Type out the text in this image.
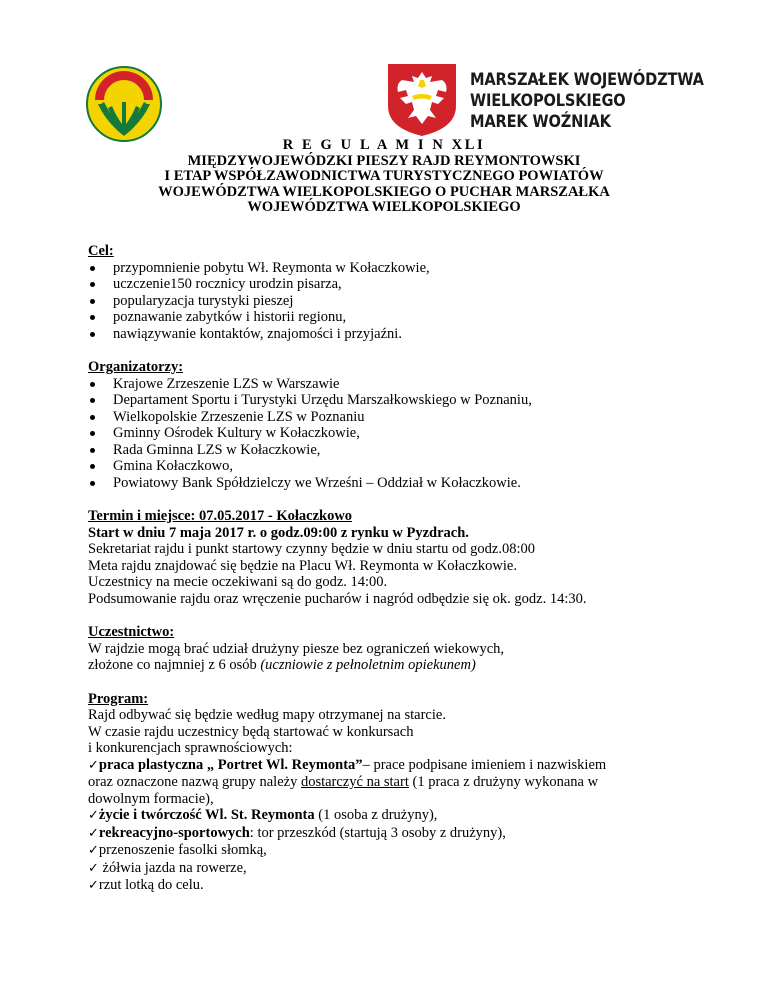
LZS
MARSZAŁEK WOJEWÓDZTWA
WIELKOPOLSKIEGO
MAREK WOŹNIAK
R E G U L A M I N XLI
MIĘDZYWOJEWÓDZKI PIESZY RAJD REYMONTOWSKI
I ETAP WSPÓŁZAWODNICTWA TURYSTYCZNEGO POWIATÓW
WOJEWÓDZTWA WIELKOPOLSKIEGO O PUCHAR MARSZAŁKA
WOJEWÓDZTWA WIELKOPOLSKIEGO
Cel:
przypomnienie pobytu Wł. Reymonta w Kołaczkowie,
uczczenie150 rocznicy urodzin pisarza,
popularyzacja turystyki pieszej
poznawanie zabytków i historii regionu,
nawiązywanie kontaktów, znajomości i przyjaźni.
Organizatorzy:
Krajowe Zrzeszenie LZS w Warszawie
Departament Sportu i Turystyki Urzędu Marszałkowskiego w Poznaniu,
Wielkopolskie Zrzeszenie LZS w Poznaniu
Gminny Ośrodek Kultury w Kołaczkowie,
Rada Gminna LZS w Kołaczkowie,
Gmina Kołaczkowo,
Powiatowy Bank Spółdzielczy we Wrześni – Oddział w Kołaczkowie.
Termin i miejsce: 07.05.2017 - Kołaczkowo
Start w dniu 7 maja 2017 r. o godz.09:00 z rynku w Pyzdrach.
Sekretariat rajdu i punkt startowy czynny będzie w dniu startu od godz.08:00
Meta rajdu znajdować się będzie na Placu Wł. Reymonta w Kołaczkowie.
Uczestnicy na mecie oczekiwani są do godz. 14:00.
Podsumowanie rajdu oraz wręczenie pucharów i nagród odbędzie się ok. godz. 14:30.
Uczestnictwo:
W rajdzie mogą brać udział drużyny piesze bez ograniczeń wiekowych,
złożone co najmniej z 6 osób (uczniowie z pełnoletnim opiekunem)
Program:
Rajd odbywać się będzie według mapy otrzymanej na starcie.
W czasie rajdu uczestnicy będą startować w konkursach
i konkurencjach sprawnościowych:
✓praca plastyczna „ Portret Wl. Reymonta”– prace podpisane imieniem i nazwiskiem
oraz oznaczone nazwą grupy należy dostarczyć na start (1 praca z drużyny wykonana w
dowolnym formacie),
✓życie i twórczość Wl. St. Reymonta (1 osoba z drużyny),
✓rekreacyjno-sportowych: tor przeszkód (startują 3 osoby z drużyny),
✓przenoszenie fasolki słomką,
✓ żółwia jazda na rowerze,
✓rzut lotką do celu.
